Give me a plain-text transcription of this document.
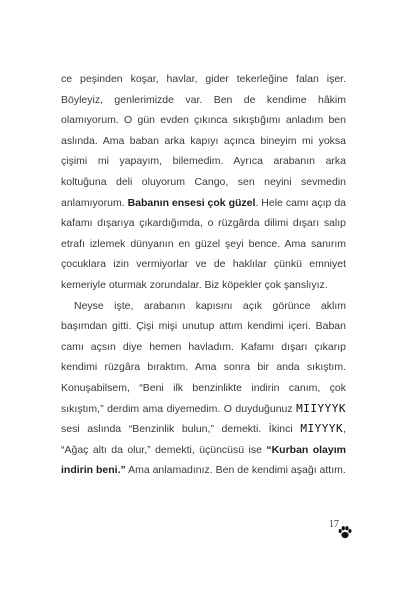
ce peşinden koşar, havlar, gider tekerleğine falan işer. Böyleyiz, genlerimizde var. Ben de kendime hâkim olamıyorum. O gün evden çıkınca sıkıştığımı anladım ben aslında. Ama baban arka kapıyı açınca bineyim mi yoksa çişimi mi yapayım, bilemedim. Ayrıca arabanın arka koltuğuna deli oluyorum Cango, sen neyini sevmedin anlamıyorum. Babanın ensesi çok güzel. Hele camı açıp da kafamı dışarıya çıkardığımda, o rüzgârda dilimi dışarı salıp etrafı izlemek dünyanın en güzel şeyi bence. Ama sanırım çocuklara izin vermiyorlar ve de haklılar çünkü emniyet kemeriyle oturmak zorundalar. Biz köpekler çok şanslıyız.

Neyse işte, arabanın kapısını açık görünce aklım başımdan gitti. Çişi mişi unutup attım kendimi içeri. Baban camı açsın diye hemen havladım. Kafamı dışarı çıkarıp kendimi rüzgâra bıraktım. Ama sonra bir anda sıkıştım. Konuşabilsem, “Beni ilk benzinlikte indirin canım, çok sıkıştım,” derdim ama diyemedim. O duyduğunuz MIIYYYK sesi aslında “Benzinlik bulun,” demekti. İkinci MIYYYK, “Ağaç altı da olur,” demekti, üçüncüsü ise “Kurban olayım indirin beni.” Ama anlamadınız. Ben de kendimi aşağı attım.

17
